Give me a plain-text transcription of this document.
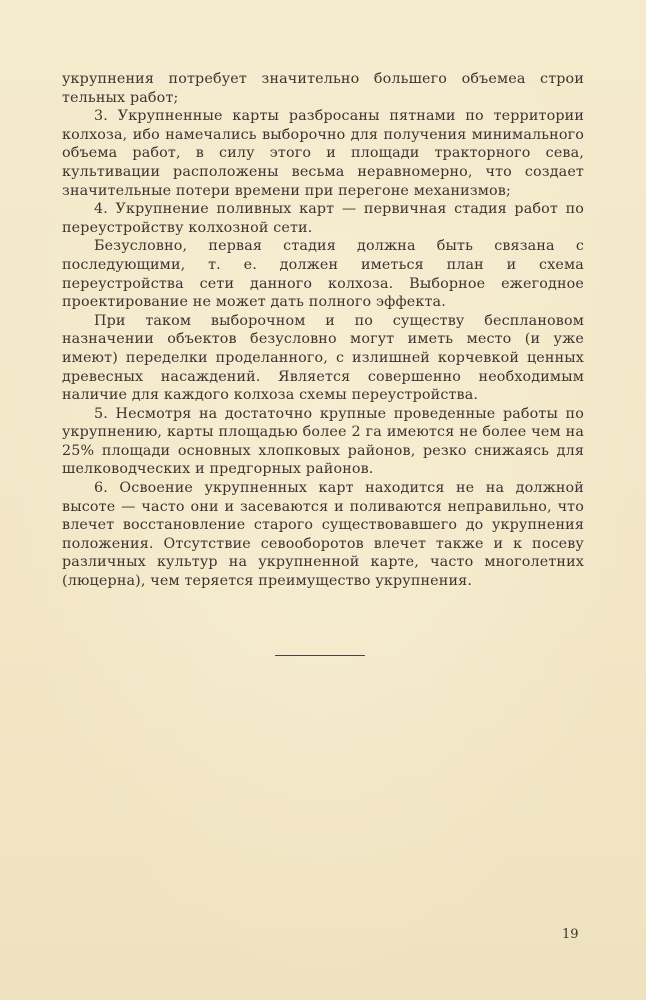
укрупнения потребует значительно большего объемеа строи тельных работ;

3. Укрупненные карты разбросаны пятнами по территории колхоза, ибо намечались выборочно для получения минимального объема работ, в силу этого и площади тракторного сева, культивации расположены весьма неравномерно, что создает значительные потери времени при перегоне механизмов;

4. Укрупнение поливных карт — первичная стадия работ по переустройству колхозной сети.

Безусловно, первая стадия должна быть связана с последующими, т. е. должен иметься план и схема переустройства сети данного колхоза. Выборное ежегодное проектирование не может дать полного эффекта.

При таком выборочном и по существу бесплановом назначении объектов безусловно могут иметь место (и уже имеют) переделки проделанного, с излишней корчевкой ценных древесных насаждений. Является совершенно необходимым наличие для каждого колхоза схемы переустройства.

5. Несмотря на достаточно крупные проведенные работы по укрупнению, карты площадью более 2 га имеются не более чем на 25% площади основных хлопковых районов, резко снижаясь для шелководческих и предгорных районов.

6. Освоение укрупненных карт находится не на должной высоте — часто они и засеваются и поливаются неправильно, что влечет восстановление старого существовавшего до укрупнения положения. Отсутствие севооборотов влечет также и к посеву различных культур на укрупненной карте, часто многолетних (люцерна), чем теряется преимущество укрупнения.

19
